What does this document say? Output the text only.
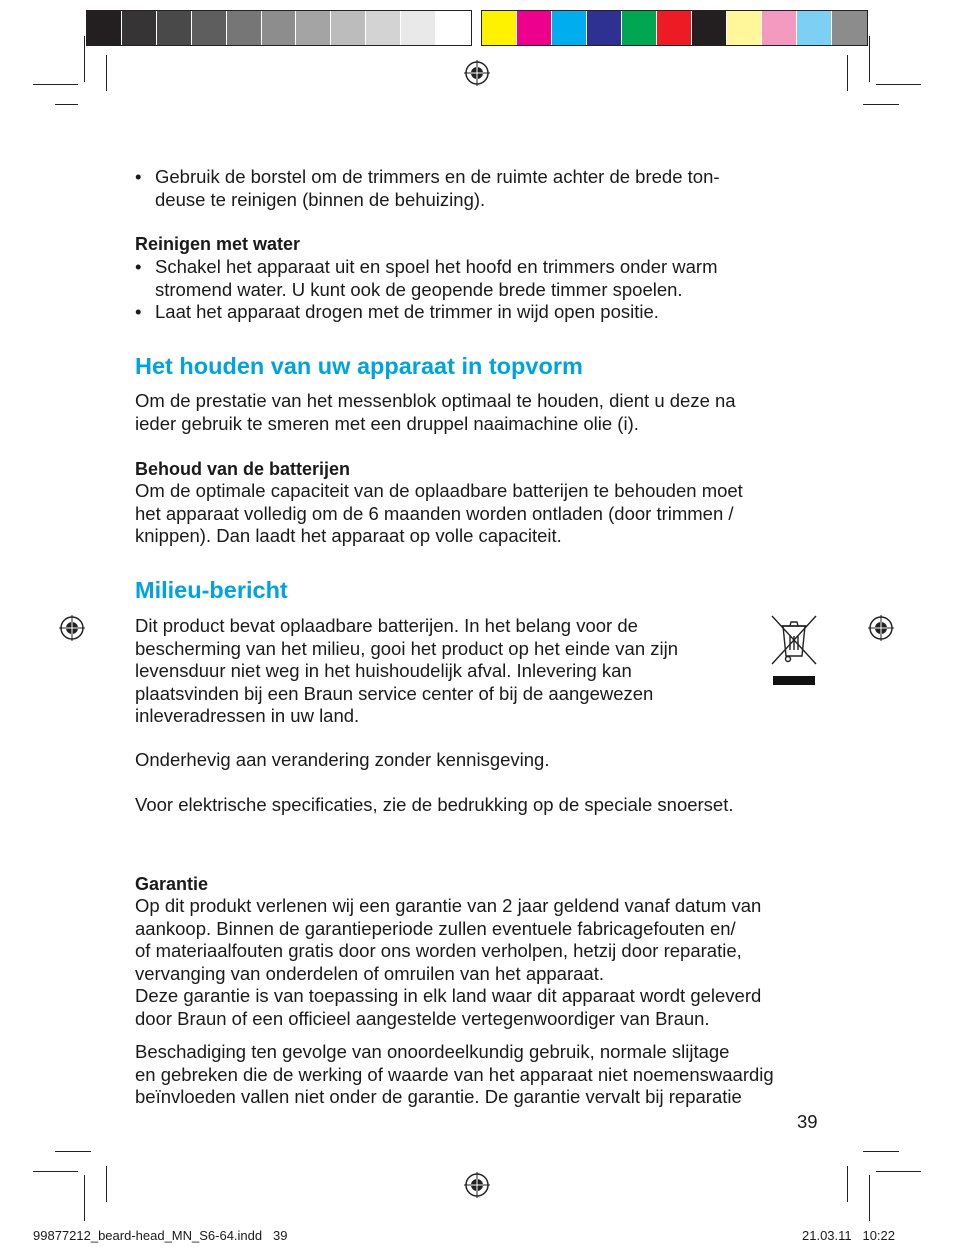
• Gebruik de borstel om de trimmers en de ruimte achter de brede ton-
deuse te reinigen (binnen de behuizing).
Reinigen met water
• Schakel het apparaat uit en spoel het hoofd en trimmers onder warm
stromend water. U kunt ook de geopende brede timmer spoelen.
• Laat het apparaat drogen met de trimmer in wijd open positie.
Het houden van uw apparaat in topvorm
Om de prestatie van het messenblok optimaal te houden, dient u deze na
ieder gebruik te smeren met een druppel naaimachine olie (i).
Behoud van de batterijen
Om de optimale capaciteit van de oplaadbare batterijen te behouden moet
het apparaat volledig om de 6 maanden worden ontladen (door trimmen /
knippen). Dan laadt het apparaat op volle capaciteit.
Milieu-bericht
Dit product bevat oplaadbare batterijen. In het belang voor de
bescherming van het milieu, gooi het product op het einde van zijn
levensduur niet weg in het huishoudelijk afval. Inlevering kan
plaatsvinden bij een Braun service center of bij de aangewezen
inleveradressen in uw land.
Onderhevig aan verandering zonder kennisgeving.
Voor elektrische specificaties, zie de bedrukking op de speciale snoerset.
Garantie
Op dit produkt verlenen wij een garantie van 2 jaar geldend vanaf datum van
aankoop. Binnen de garantieperiode zullen eventuele fabricagefouten en/
of materiaalfouten gratis door ons worden verholpen, hetzij door reparatie,
vervanging van onderdelen of omruilen van het apparaat.
Deze garantie is van toepassing in elk land waar dit apparaat wordt geleverd
door Braun of een officieel aangestelde vertegenwoordiger van Braun.
Beschadiging ten gevolge van onoordeelkundig gebruik, normale slijtage
en gebreken die de werking of waarde van het apparaat niet noemenswaardig
beïnvloeden vallen niet onder de garantie. De garantie vervalt bij reparatie
39
99877212_beard-head_MN_S6-64.indd   39	21.03.11   10:22
